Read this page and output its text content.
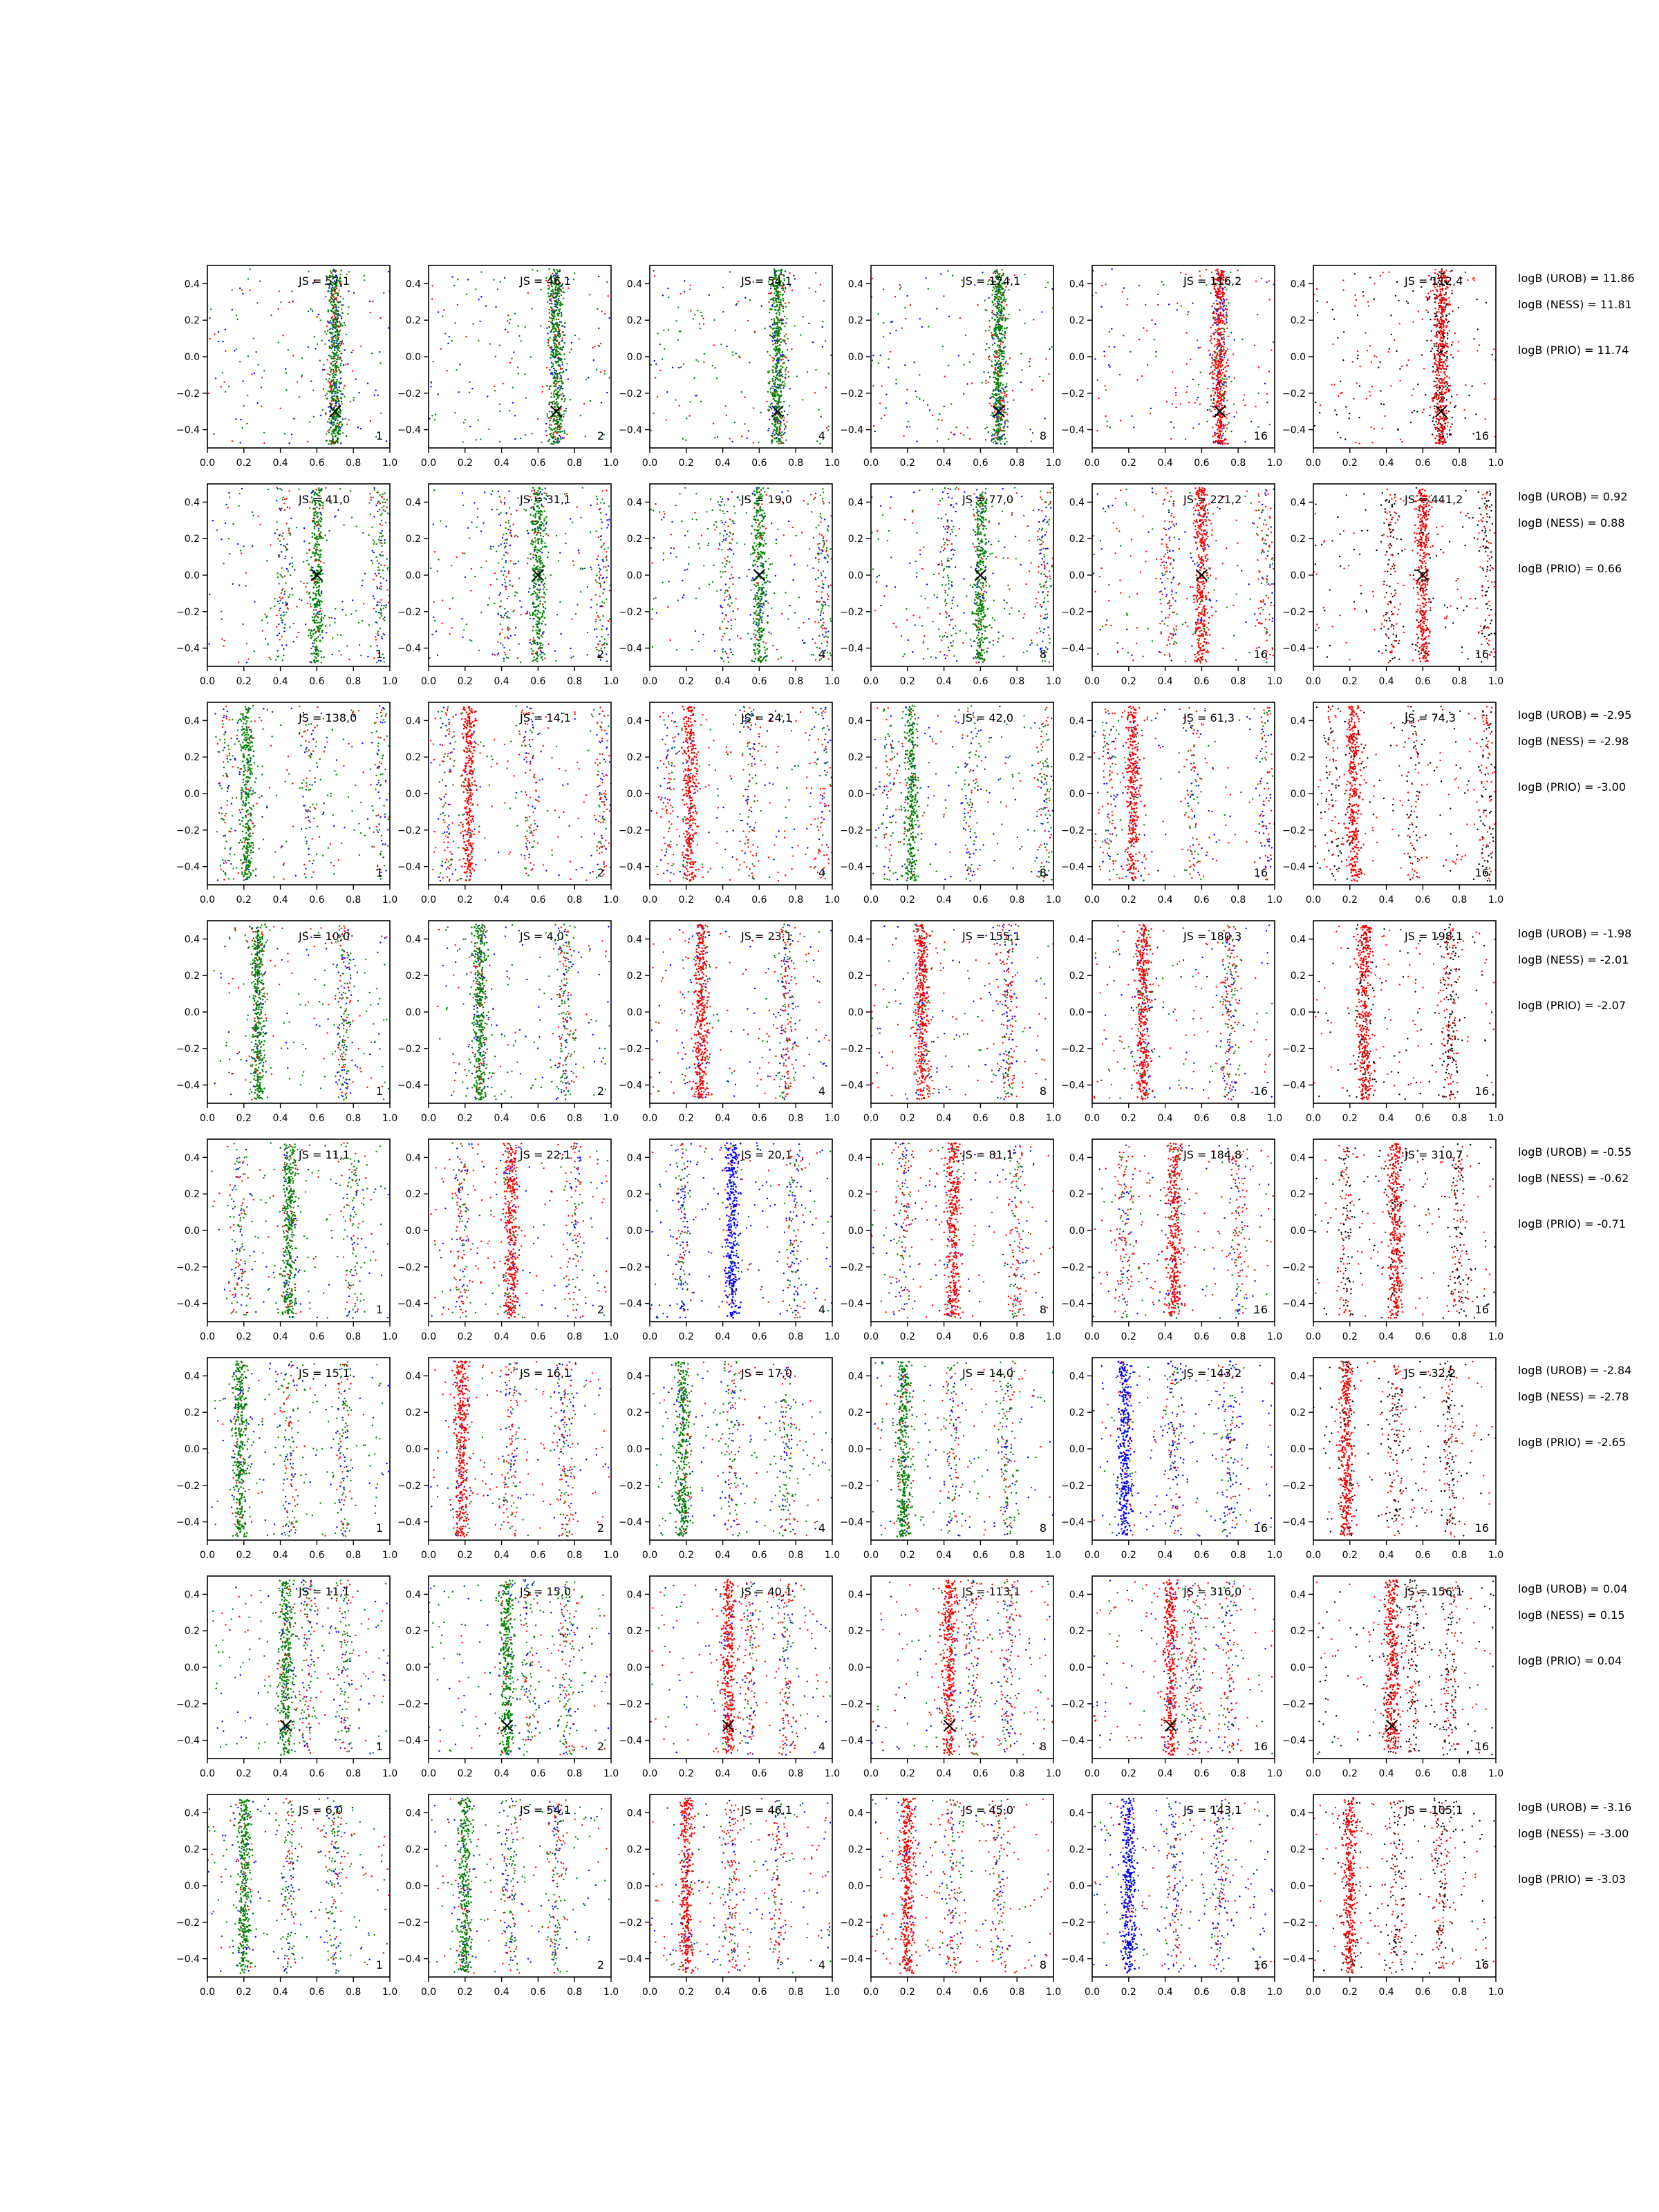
0.0 0.2 0.4 0.6 0.8 1.0
0.4
0.2
0.0
−0.2
−0.4
JS = 57,1
1
0.0 0.2 0.4 0.6 0.8 1.0
0.4
0.2
0.0
−0.2
−0.4
JS = 46,1
2
0.0 0.2 0.4 0.6 0.8 1.0
0.4
0.2
0.0
−0.2
−0.4
JS = 54,1
4
0.0 0.2 0.4 0.6 0.8 1.0
0.4
0.2
0.0
−0.2
−0.4
JS = 174,1
8
0.0 0.2 0.4 0.6 0.8 1.0
0.4
0.2
0.0
−0.2
−0.4
JS = 116,2
16
0.0 0.2 0.4 0.6 0.8 1.0
0.4
0.2
0.0
−0.2
−0.4
JS = 112,4
16
logB (UROB) = 11.86
logB (NESS) = 11.81
logB (PRIO) = 11.74
0.0 0.2 0.4 0.6 0.8 1.0
0.4
0.2
0.0
−0.2
−0.4
JS = 41,0
1
0.0 0.2 0.4 0.6 0.8 1.0
0.4
0.2
0.0
−0.2
−0.4
JS = 31,1
2
0.0 0.2 0.4 0.6 0.8 1.0
0.4
0.2
0.0
−0.2
−0.4
JS = 19,0
4
0.0 0.2 0.4 0.6 0.8 1.0
0.4
0.2
0.0
−0.2
−0.4
JS = 77,0
8
0.0 0.2 0.4 0.6 0.8 1.0
0.4
0.2
0.0
−0.2
−0.4
JS = 221,2
16
0.0 0.2 0.4 0.6 0.8 1.0
0.4
0.2
0.0
−0.2
−0.4
JS = 441,2
16
logB (UROB) = 0.92
logB (NESS) = 0.88
logB (PRIO) = 0.66
0.0 0.2 0.4 0.6 0.8 1.0
0.4
0.2
0.0
−0.2
−0.4
JS = 138,0
1
0.0 0.2 0.4 0.6 0.8 1.0
0.4
0.2
0.0
−0.2
−0.4
JS = 14,1
2
0.0 0.2 0.4 0.6 0.8 1.0
0.4
0.2
0.0
−0.2
−0.4
JS = 24,1
4
0.0 0.2 0.4 0.6 0.8 1.0
0.4
0.2
0.0
−0.2
−0.4
JS = 42,0
8
0.0 0.2 0.4 0.6 0.8 1.0
0.4
0.2
0.0
−0.2
−0.4
JS = 61,3
16
0.0 0.2 0.4 0.6 0.8 1.0
0.4
0.2
0.0
−0.2
−0.4
JS = 74,3
16
logB (UROB) = -2.95
logB (NESS) = -2.98
logB (PRIO) = -3.00
0.0 0.2 0.4 0.6 0.8 1.0
0.4
0.2
0.0
−0.2
−0.4
JS = 10,0
1
0.0 0.2 0.4 0.6 0.8 1.0
0.4
0.2
0.0
−0.2
−0.4
JS = 4,0
2
0.0 0.2 0.4 0.6 0.8 1.0
0.4
0.2
0.0
−0.2
−0.4
JS = 23,1
4
0.0 0.2 0.4 0.6 0.8 1.0
0.4
0.2
0.0
−0.2
−0.4
JS = 155,1
8
0.0 0.2 0.4 0.6 0.8 1.0
0.4
0.2
0.0
−0.2
−0.4
JS = 180,3
16
0.0 0.2 0.4 0.6 0.8 1.0
0.4
0.2
0.0
−0.2
−0.4
JS = 198,1
16
logB (UROB) = -1.98
logB (NESS) = -2.01
logB (PRIO) = -2.07
0.0 0.2 0.4 0.6 0.8 1.0
0.4
0.2
0.0
−0.2
−0.4
JS = 11,1
1
0.0 0.2 0.4 0.6 0.8 1.0
0.4
0.2
0.0
−0.2
−0.4
JS = 22,1
2
0.0 0.2 0.4 0.6 0.8 1.0
0.4
0.2
0.0
−0.2
−0.4
JS = 20,1
4
0.0 0.2 0.4 0.6 0.8 1.0
0.4
0.2
0.0
−0.2
−0.4
JS = 81,1
8
0.0 0.2 0.4 0.6 0.8 1.0
0.4
0.2
0.0
−0.2
−0.4
JS = 184,8
16
0.0 0.2 0.4 0.6 0.8 1.0
0.4
0.2
0.0
−0.2
−0.4
JS = 310,7
16
logB (UROB) = -0.55
logB (NESS) = -0.62
logB (PRIO) = -0.71
0.0 0.2 0.4 0.6 0.8 1.0
0.4
0.2
0.0
−0.2
−0.4
JS = 15,1
1
0.0 0.2 0.4 0.6 0.8 1.0
0.4
0.2
0.0
−0.2
−0.4
JS = 16,1
2
0.0 0.2 0.4 0.6 0.8 1.0
0.4
0.2
0.0
−0.2
−0.4
JS = 17,0
4
0.0 0.2 0.4 0.6 0.8 1.0
0.4
0.2
0.0
−0.2
−0.4
JS = 14,0
8
0.0 0.2 0.4 0.6 0.8 1.0
0.4
0.2
0.0
−0.2
−0.4
JS = 143,2
16
0.0 0.2 0.4 0.6 0.8 1.0
0.4
0.2
0.0
−0.2
−0.4
JS = 32,2
16
logB (UROB) = -2.84
logB (NESS) = -2.78
logB (PRIO) = -2.65
0.0 0.2 0.4 0.6 0.8 1.0
0.4
0.2
0.0
−0.2
−0.4
JS = 11,1
1
0.0 0.2 0.4 0.6 0.8 1.0
0.4
0.2
0.0
−0.2
−0.4
JS = 15,0
2
0.0 0.2 0.4 0.6 0.8 1.0
0.4
0.2
0.0
−0.2
−0.4
JS = 40,1
4
0.0 0.2 0.4 0.6 0.8 1.0
0.4
0.2
0.0
−0.2
−0.4
JS = 113,1
8
0.0 0.2 0.4 0.6 0.8 1.0
0.4
0.2
0.0
−0.2
−0.4
JS = 316,0
16
0.0 0.2 0.4 0.6 0.8 1.0
0.4
0.2
0.0
−0.2
−0.4
JS = 156,1
16
logB (UROB) = 0.04
logB (NESS) = 0.15
logB (PRIO) = 0.04
0.0 0.2 0.4 0.6 0.8 1.0
0.4
0.2
0.0
−0.2
−0.4
JS = 6,0
1
0.0 0.2 0.4 0.6 0.8 1.0
0.4
0.2
0.0
−0.2
−0.4
JS = 54,1
2
0.0 0.2 0.4 0.6 0.8 1.0
0.4
0.2
0.0
−0.2
−0.4
JS = 46,1
4
0.0 0.2 0.4 0.6 0.8 1.0
0.4
0.2
0.0
−0.2
−0.4
JS = 45,0
8
0.0 0.2 0.4 0.6 0.8 1.0
0.4
0.2
0.0
−0.2
−0.4
JS = 143,1
16
0.0 0.2 0.4 0.6 0.8 1.0
0.4
0.2
0.0
−0.2
−0.4
JS = 105,1
16
logB (UROB) = -3.16
logB (NESS) = -3.00
logB (PRIO) = -3.03
